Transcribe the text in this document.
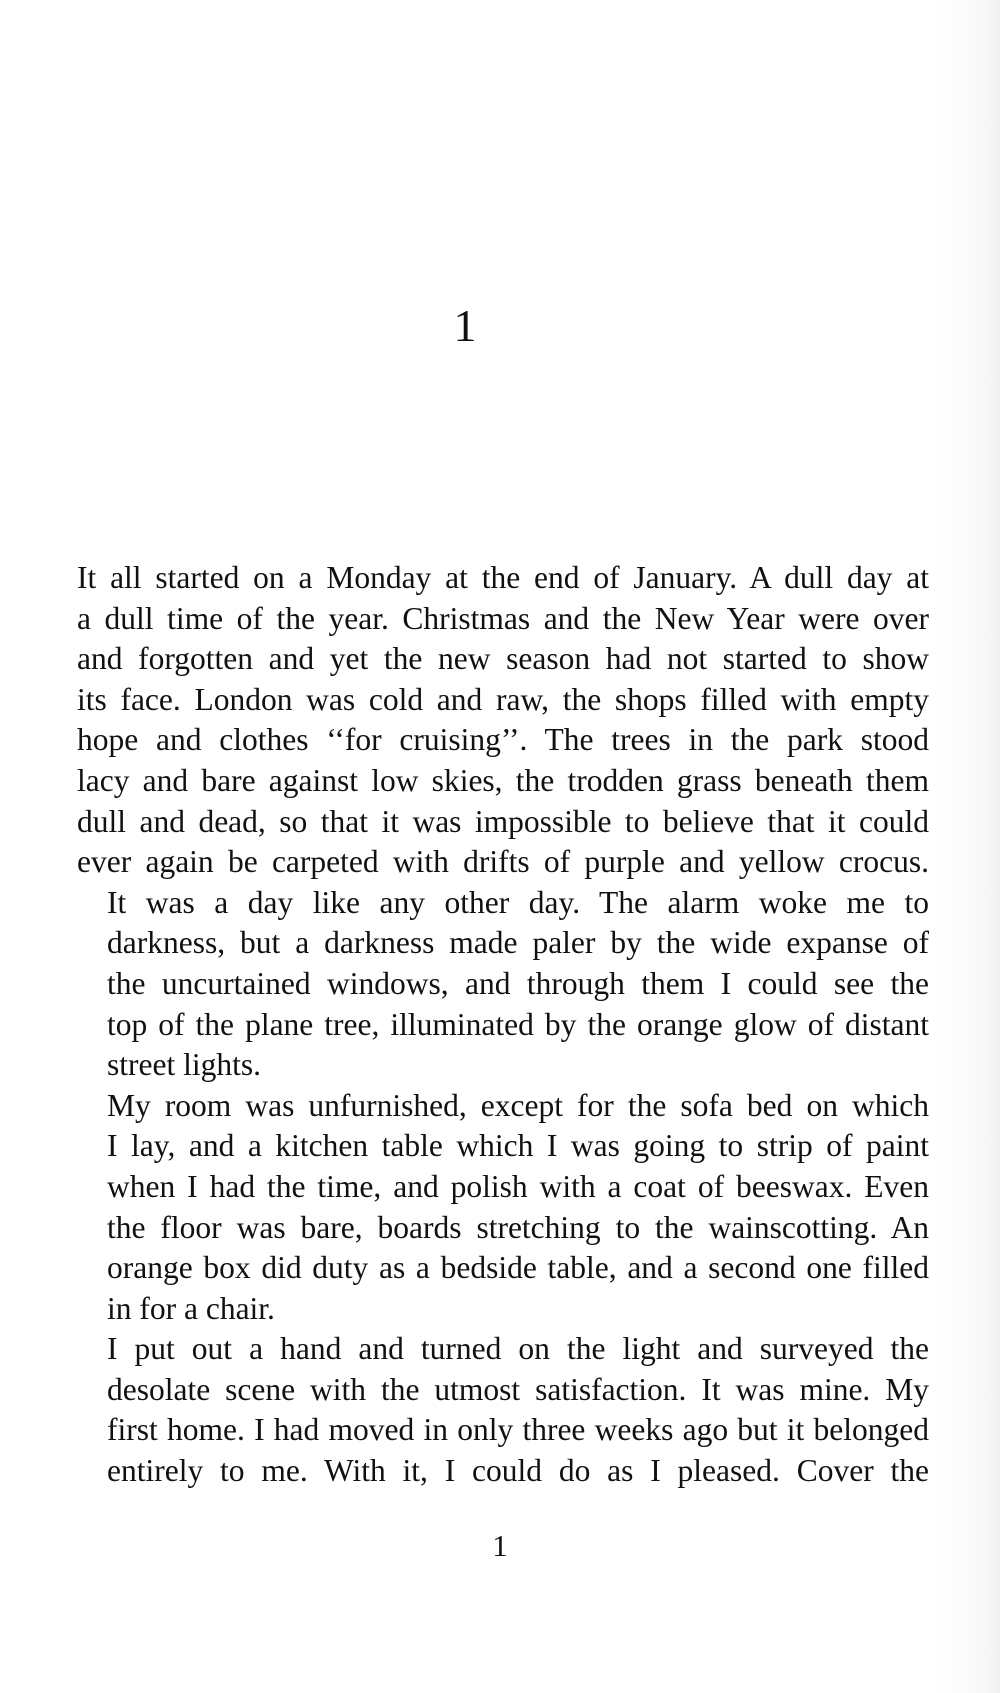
1

It all started on a Monday at the end of January. A dull day at
a dull time of the year. Christmas and the New Year were over
and forgotten and yet the new season had not started to show
its face. London was cold and raw, the shops filled with empty
hope and clothes ‘‘for cruising’’. The trees in the park stood
lacy and bare against low skies, the trodden grass beneath them
dull and dead, so that it was impossible to believe that it could
ever again be carpeted with drifts of purple and yellow crocus.

It was a day like any other day. The alarm woke me to
darkness, but a darkness made paler by the wide expanse of
the uncurtained windows, and through them I could see the
top of the plane tree, illuminated by the orange glow of distant
street lights.

My room was unfurnished, except for the sofa bed on which
I lay, and a kitchen table which I was going to strip of paint
when I had the time, and polish with a coat of beeswax. Even
the floor was bare, boards stretching to the wainscotting. An
orange box did duty as a bedside table, and a second one filled
in for a chair.

I put out a hand and turned on the light and surveyed the
desolate scene with the utmost satisfaction. It was mine. My
first home. I had moved in only three weeks ago but it belonged
entirely to me. With it, I could do as I pleased. Cover the

1
